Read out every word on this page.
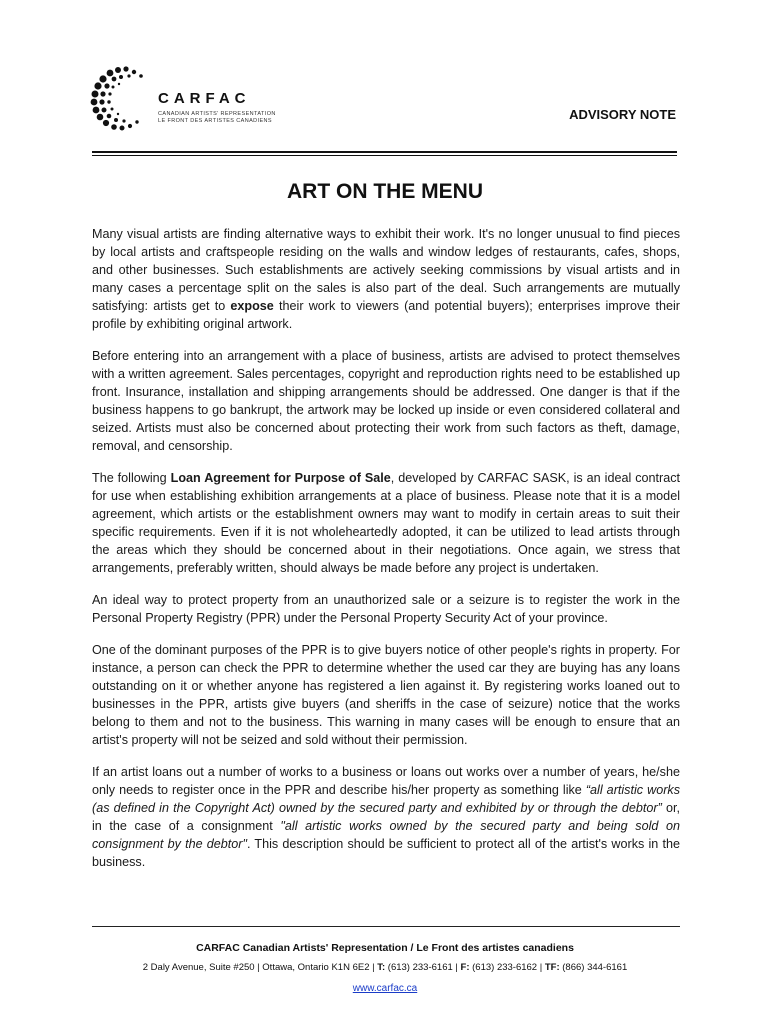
CARFAC
CANADIAN ARTISTS' REPRESENTATION
LE FRONT DES ARTISTES CANADIENS	ADVISORY NOTE
ART ON THE MENU

Many visual artists are finding alternative ways to exhibit their work. It's no longer unusual to find pieces by local artists and craftspeople residing on the walls and window ledges of restaurants, cafes, shops, and other businesses. Such establishments are actively seeking commissions by visual artists and in many cases a percentage split on the sales is also part of the deal. Such arrangements are mutually satisfying: artists get to expose their work to viewers (and potential buyers); enterprises improve their profile by exhibiting original artwork.

Before entering into an arrangement with a place of business, artists are advised to protect themselves with a written agreement. Sales percentages, copyright and reproduction rights need to be established up front. Insurance, installation and shipping arrangements should be addressed. One danger is that if the business happens to go bankrupt, the artwork may be locked up inside or even considered collateral and seized. Artists must also be concerned about protecting their work from such factors as theft, damage, removal, and censorship.

The following Loan Agreement for Purpose of Sale, developed by CARFAC SASK, is an ideal contract for use when establishing exhibition arrangements at a place of business. Please note that it is a model agreement, which artists or the establishment owners may want to modify in certain areas to suit their specific requirements. Even if it is not wholeheartedly adopted, it can be utilized to lead artists through the areas which they should be concerned about in their negotiations. Once again, we stress that arrangements, preferably written, should always be made before any project is undertaken.

An ideal way to protect property from an unauthorized sale or a seizure is to register the work in the Personal Property Registry (PPR) under the Personal Property Security Act of your province.

One of the dominant purposes of the PPR is to give buyers notice of other people's rights in property. For instance, a person can check the PPR to determine whether the used car they are buying has any loans outstanding on it or whether anyone has registered a lien against it. By registering works loaned out to businesses in the PPR, artists give buyers (and sheriffs in the case of seizure) notice that the works belong to them and not to the business. This warning in many cases will be enough to ensure that an artist's property will not be seized and sold without their permission.

If an artist loans out a number of works to a business or loans out works over a number of years, he/she only needs to register once in the PPR and describe his/her property as something like “all artistic works (as defined in the Copyright Act) owned by the secured party and exhibited by or through the debtor” or, in the case of a consignment "all artistic works owned by the secured party and being sold on consignment by the debtor". This description should be sufficient to protect all of the artist's works in the business.

CARFAC Canadian Artists' Representation / Le Front des artistes canadiens
2 Daly Avenue, Suite #250 | Ottawa, Ontario K1N 6E2 | T: (613) 233-6161 | F: (613) 233-6162 | TF: (866) 344-6161
www.carfac.ca
